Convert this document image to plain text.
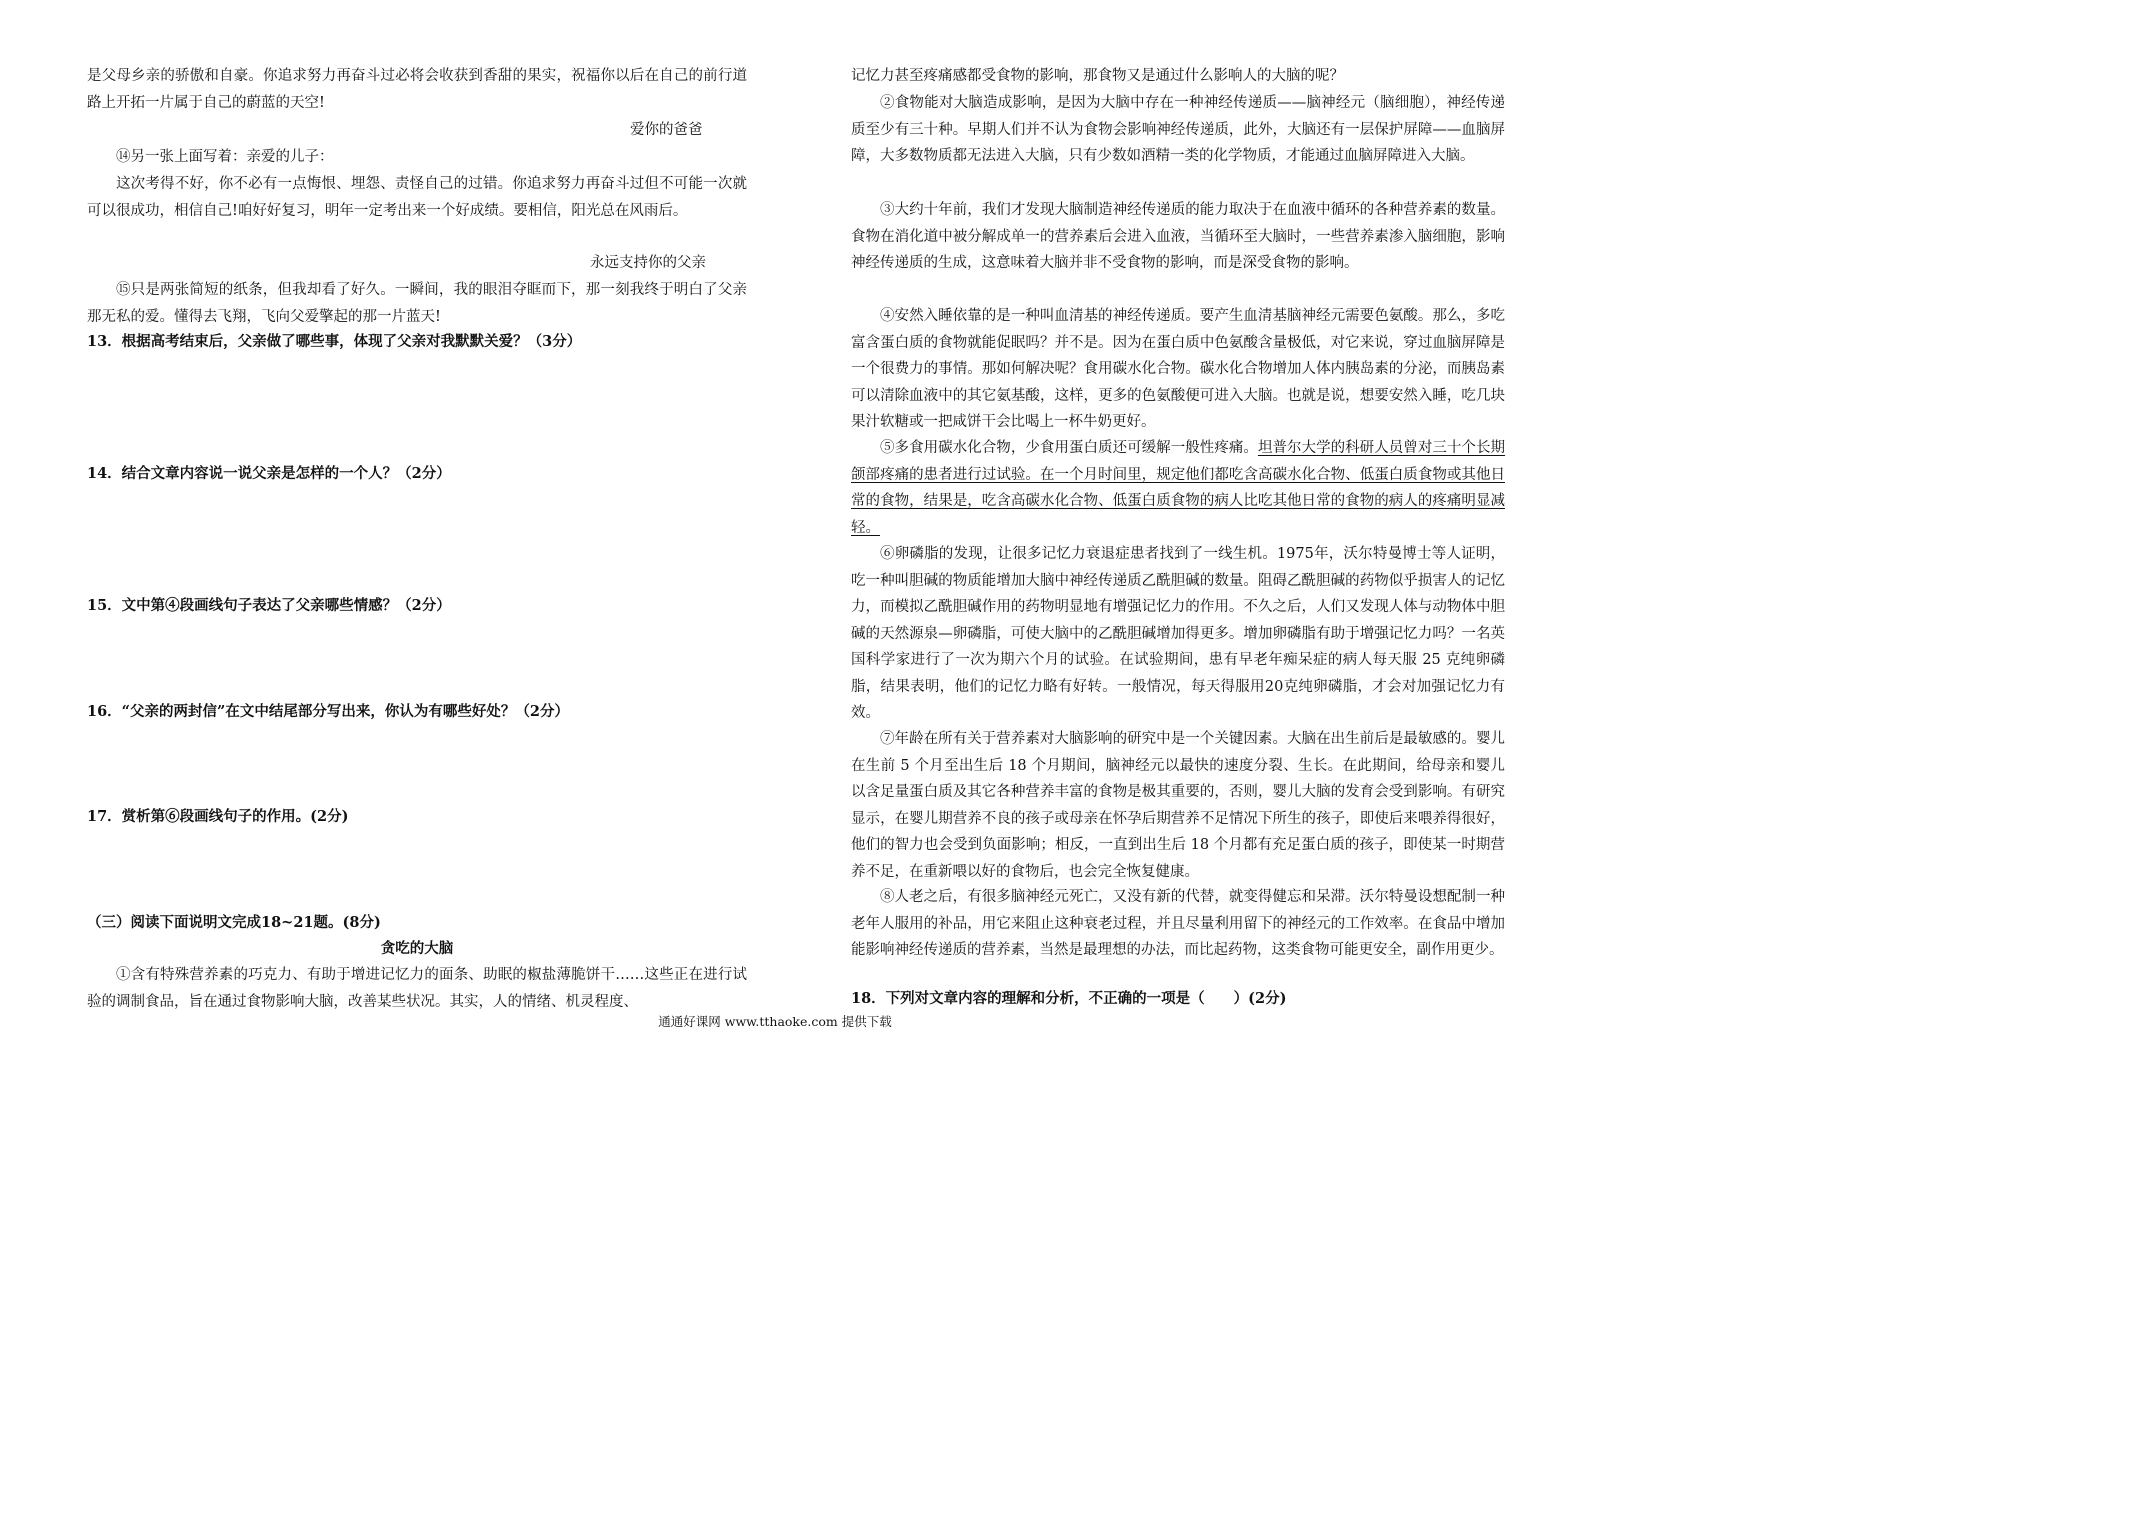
是父母乡亲的骄傲和自豪。你追求努力再奋斗过必将会收获到香甜的果实，祝福你以后在自己的前行道路上开拓一片属于自己的蔚蓝的天空!
爱你的爸爸
⑭另一张上面写着：亲爱的儿子：
这次考得不好，你不必有一点悔恨、埋怨、责怪自己的过错。你追求努力再奋斗过但不可能一次就可以很成功，相信自己!咱好好复习，明年一定考出来一个好成绩。要相信，阳光总在风雨后。
永远支持你的父亲
⑮只是两张简短的纸条，但我却看了好久。一瞬间，我的眼泪夺眶而下，那一刻我终于明白了父亲那无私的爱。懂得去飞翔，飞向父爱擎起的那一片蓝天!
13．根据高考结束后，父亲做了哪些事，体现了父亲对我默默关爱？（3分）
14．结合文章内容说一说父亲是怎样的一个人？（2分）
15．文中第④段画线句子表达了父亲哪些情感？（2分）
16．“父亲的两封信”在文中结尾部分写出来，你认为有哪些好处？（2分）
17．赏析第⑥段画线句子的作用。(2分)
（三）阅读下面说明文完成18~21题。(8分)
贪吃的大脑
①含有特殊营养素的巧克力、有助于增进记忆力的面条、助眠的椒盐薄脆饼干……这些正在进行试验的调制食品，旨在通过食物影响大脑，改善某些状况。其实，人的情绪、机灵程度、
记忆力甚至疼痛感都受食物的影响，那食物又是通过什么影响人的大脑的呢？
②食物能对大脑造成影响，是因为大脑中存在一种神经传递质——脑神经元（脑细胞），神经传递质至少有三十种。早期人们并不认为食物会影响神经传递质，此外，大脑还有一层保护屏障——血脑屏障，大多数物质都无法进入大脑，只有少数如酒精一类的化学物质，才能通过血脑屏障进入大脑。
③大约十年前，我们才发现大脑制造神经传递质的能力取决于在血液中循环的各种营养素的数量。食物在消化道中被分解成单一的营养素后会进入血液，当循环至大脑时，一些营养素渗入脑细胞，影响神经传递质的生成，这意味着大脑并非不受食物的影响，而是深受食物的影响。
④安然入睡依靠的是一种叫血清基的神经传递质。要产生血清基脑神经元需要色氨酸。那么，多吃富含蛋白质的食物就能促眠吗？并不是。因为在蛋白质中色氨酸含量极低，对它来说，穿过血脑屏障是一个很费力的事情。那如何解决呢？食用碳水化合物。碳水化合物增加人体内胰岛素的分泌，而胰岛素可以清除血液中的其它氨基酸，这样，更多的色氨酸便可进入大脑。也就是说，想要安然入睡，吃几块果汁软糖或一把咸饼干会比喝上一杯牛奶更好。
⑤多食用碳水化合物，少食用蛋白质还可缓解一般性疼痛。坦普尔大学的科研人员曾对三十个长期颌部疼痛的患者进行过试验。在一个月时间里，规定他们都吃含高碳水化合物、低蛋白质食物或其他日常的食物，结果是，吃含高碳水化合物、低蛋白质食物的病人比吃其他日常的食物的病人的疼痛明显减轻。
⑥卵磷脂的发现，让很多记忆力衰退症患者找到了一线生机。1975年，沃尔特曼博士等人证明，吃一种叫胆碱的物质能增加大脑中神经传递质乙酰胆碱的数量。阻碍乙酰胆碱的药物似乎损害人的记忆力，而模拟乙酰胆碱作用的药物明显地有增强记忆力的作用。不久之后，人们又发现人体与动物体中胆碱的天然源泉—卵磷脂，可使大脑中的乙酰胆碱增加得更多。增加卵磷脂有助于增强记忆力吗？一名英国科学家进行了一次为期六个月的试验。在试验期间，患有早老年痴呆症的病人每天服 25 克纯卵磷脂，结果表明，他们的记忆力略有好转。一般情况，每天得服用20克纯卵磷脂，才会对加强记忆力有效。
⑦年龄在所有关于营养素对大脑影响的研究中是一个关键因素。大脑在出生前后是最敏感的。婴儿在生前 5 个月至出生后 18 个月期间，脑神经元以最快的速度分裂、生长。在此期间，给母亲和婴儿以含足量蛋白质及其它各种营养丰富的食物是极其重要的，否则，婴儿大脑的发育会受到影响。有研究显示，在婴儿期营养不良的孩子或母亲在怀孕后期营养不足情况下所生的孩子，即使后来喂养得很好，他们的智力也会受到负面影响；相反，一直到出生后 18 个月都有充足蛋白质的孩子，即使某一时期营养不足，在重新喂以好的食物后，也会完全恢复健康。
⑧人老之后，有很多脑神经元死亡，又没有新的代替，就变得健忘和呆滞。沃尔特曼设想配制一种老年人服用的补品，用它来阻止这种衰老过程，并且尽量利用留下的神经元的工作效率。在食品中增加能影响神经传递质的营养素，当然是最理想的办法，而比起药物，这类食物可能更安全，副作用更少。
18．下列对文章内容的理解和分析，不正确的一项是（　　）(2分)
通通好课网 www.tthaoke.com 提供下载
